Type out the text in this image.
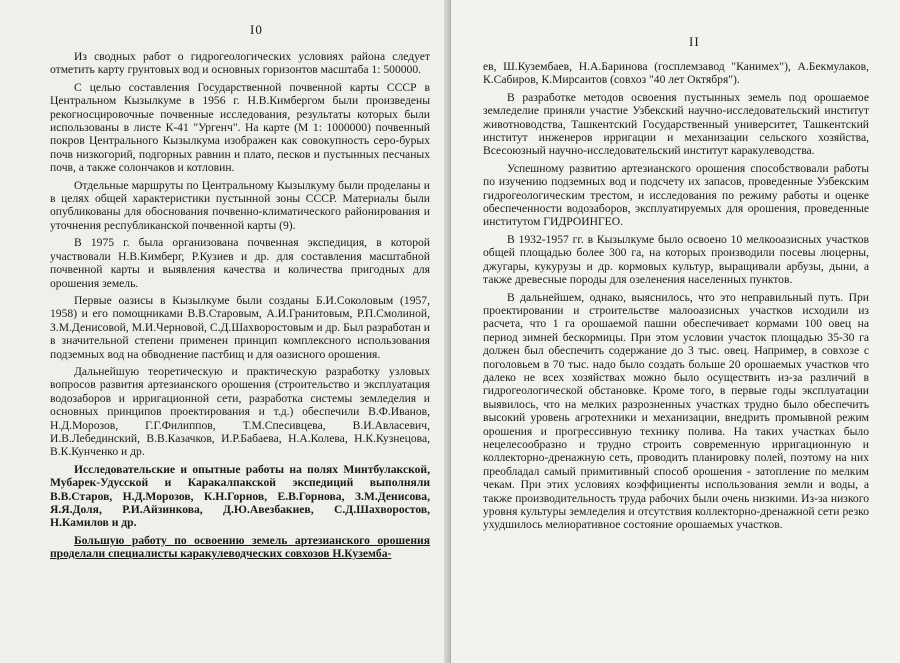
I0

Из сводных работ о гидрогеологических условиях района следует отметить карту грунтовых вод и основных горизонтов масштаба 1: 500000.

С целью составления Государственной почвенной карты СССР в Центральном Кызылкуме в 1956 г. Н.В.Кимбергом были произведены рекогносцировочные почвенные исследования, результаты которых были использованы в листе К-41 "Ургенч". На карте (М 1: 1000000) почвенный покров Центрального Кызылкума изображен как совокупность серо-бурых почв низкогорий, подгорных равнин и плато, песков и пустынных песчаных почв, а также солончаков и котловин.

Отдельные маршруты по Центральному Кызылкуму были проделаны и в целях общей характеристики пустынной зоны СССР. Материалы были опубликованы для обоснования почвенно-климатического районирования и уточнения республиканской почвенной карты (9).

В 1975 г. была организована почвенная экспедиция, в которой участвовали Н.В.Кимберг, Р.Кузиев и др. для составления масштабной почвенной карты и выявления качества и количества пригодных для орошения земель.

Первые оазисы в Кызылкуме были созданы Б.И.Соколовым (1957, 1958) и его помощниками В.В.Старовым, А.И.Гранитовым, Р.П.Смолиной, З.М.Денисовой, М.И.Черновой, С.Д.Шахворостовым и др. Был разработан и в значительной степени применен принцип комплексного использования подземных вод на обводнение пастбищ и для оазисного орошения.

Дальнейшую теоретическую и практическую разработку узловых вопросов развития артезианского орошения (строительство и эксплуатация водозаборов и ирригационной сети, разработка системы земледелия и основных принципов проектирования и т.д.) обеспечили В.Ф.Иванов, Н.Д.Морозов, Г.Г.Филиппов, Т.М.Спесивцева, В.И.Авласевич, И.В.Лебединский, В.В.Казачков, И.Р.Бабаева, Н.А.Колева, Н.К.Кузнецова, В.К.Кунченко и др.

Исследовательские и опытные работы на полях Минтбулакской, Мубарек-Удусской и Каракалпакской экспедиций выполняли В.В.Старов, Н.Д.Морозов, К.Н.Горнов, Е.В.Горнова, З.М.Денисова, Я.Я.Доля, Р.И.Айзинкова, Д.Ю.Авезбакиев, С.Д.Шахворостов, Н.Камилов и др.

Большую работу по освоению земель артезианского орошения проделали специалисты каракулеводческих совхозов Н.Куземба-

II

ев, Ш.Кузембаев, Н.А.Баринова (госплемзавод "Канимех"), А.Бекмулаков, К.Сабиров, К.Мирсаитов (совхоз "40 лет Октября").

В разработке методов освоения пустынных земель под орошаемое земледелие приняли участие Узбекский научно-исследовательский институт животноводства, Ташкентский Государственный университет, Ташкентский институт инженеров ирригации и механизации сельского хозяйства, Всесоюзный научно-исследовательский институт каракулеводства.

Успешному развитию артезианского орошения способствовали работы по изучению подземных вод и подсчету их запасов, проведенные Узбекским гидрогеологическим трестом, и исследования по режиму работы и оценке обеспеченности водозаборов, эксплуатируемых для орошения, проведенные институтом ГИДРОИНГЕО.

В 1932-1957 гг. в Кызылкуме было освоено 10 мелкооазисных участков общей площадью более 300 га, на которых производили посевы люцерны, джугары, кукурузы и др. кормовых культур, выращивали арбузы, дыни, а также древесные породы для озеленения населенных пунктов.

В дальнейшем, однако, выяснилось, что это неправильный путь. При проектировании и строительстве малооазисных участков исходили из расчета, что 1 га орошаемой пашни обеспечивает кормами 100 овец на период зимней бескормицы. При этом условии участок площадью 35-30 га должен был обеспечить содержание до 3 тыс. овец. Например, в совхозе с поголовьем в 70 тыс. надо было создать больше 20 орошаемых участков что далеко не всех хозяйствах можно было осуществить из-за различий в гидрогеологической обстановке. Кроме того, в первые годы эксплуатации выявилось, что на мелких разрозненных участках трудно было обеспечить высокий уровень агротехники и механизации, внедрить промывной режим орошения и прогрессивную технику полива. На таких участках было нецелесообразно и трудно строить современную ирригационную и коллекторно-дренажную сеть, проводить планировку полей, поэтому на них преобладал самый примитивный способ орошения - затопление по мелким чекам. При этих условиях коэффициенты использования земли и воды, а также производительность труда рабочих были очень низкими. Из-за низкого уровня культуры земледелия и отсутствия коллекторно-дренажной сети резко ухудшилось мелиоративное состояние орошаемых участков.
